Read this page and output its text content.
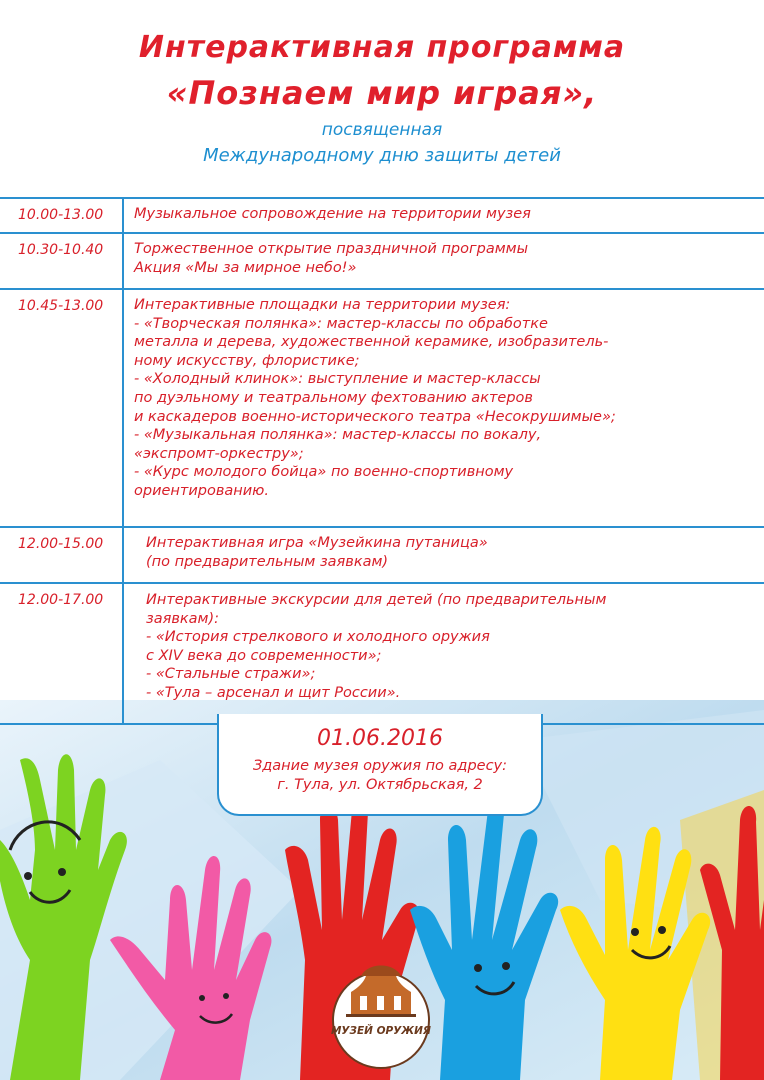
МУЗЕЙ ОРУЖИЯ
Интерактивная программа
«Познаем мир играя»,

посвященная

Международному дню защиты детей

10.00-13.00	Музыкальное сопровождение на территории музея
10.30-10.40	Торжественное открытие праздничной программы
Акция «Мы за мирное небо!»
10.45-13.00	Интерактивные площадки на территории музея:
- «Творческая полянка»: мастер-классы по обработке
металла и дерева, художественной керамике, изобразитель-
ному искусству, флористике;
- «Холодный клинок»: выступление и мастер-классы
по дуэльному и театральному фехтованию актеров
и каскадеров военно-исторического театра «Несокрушимые»;
- «Музыкальная полянка»: мастер-классы по вокалу,
«экспромт-оркестру»;
- «Курс молодого бойца» по военно-спортивному
ориентированию.
12.00-15.00	Интерактивная игра «Музейкина путаница»
(по предварительным заявкам)
12.00-17.00	Интерактивные экскурсии для детей (по предварительным
заявкам):
- «История стрелкового и холодного оружия
с XIV века до современности»;
- «Стальные стражи»;
- «Тула – арсенал и щит России».
01.06.2016
Здание музея оружия по адресу:
г. Тула, ул. Октябрьская, 2
